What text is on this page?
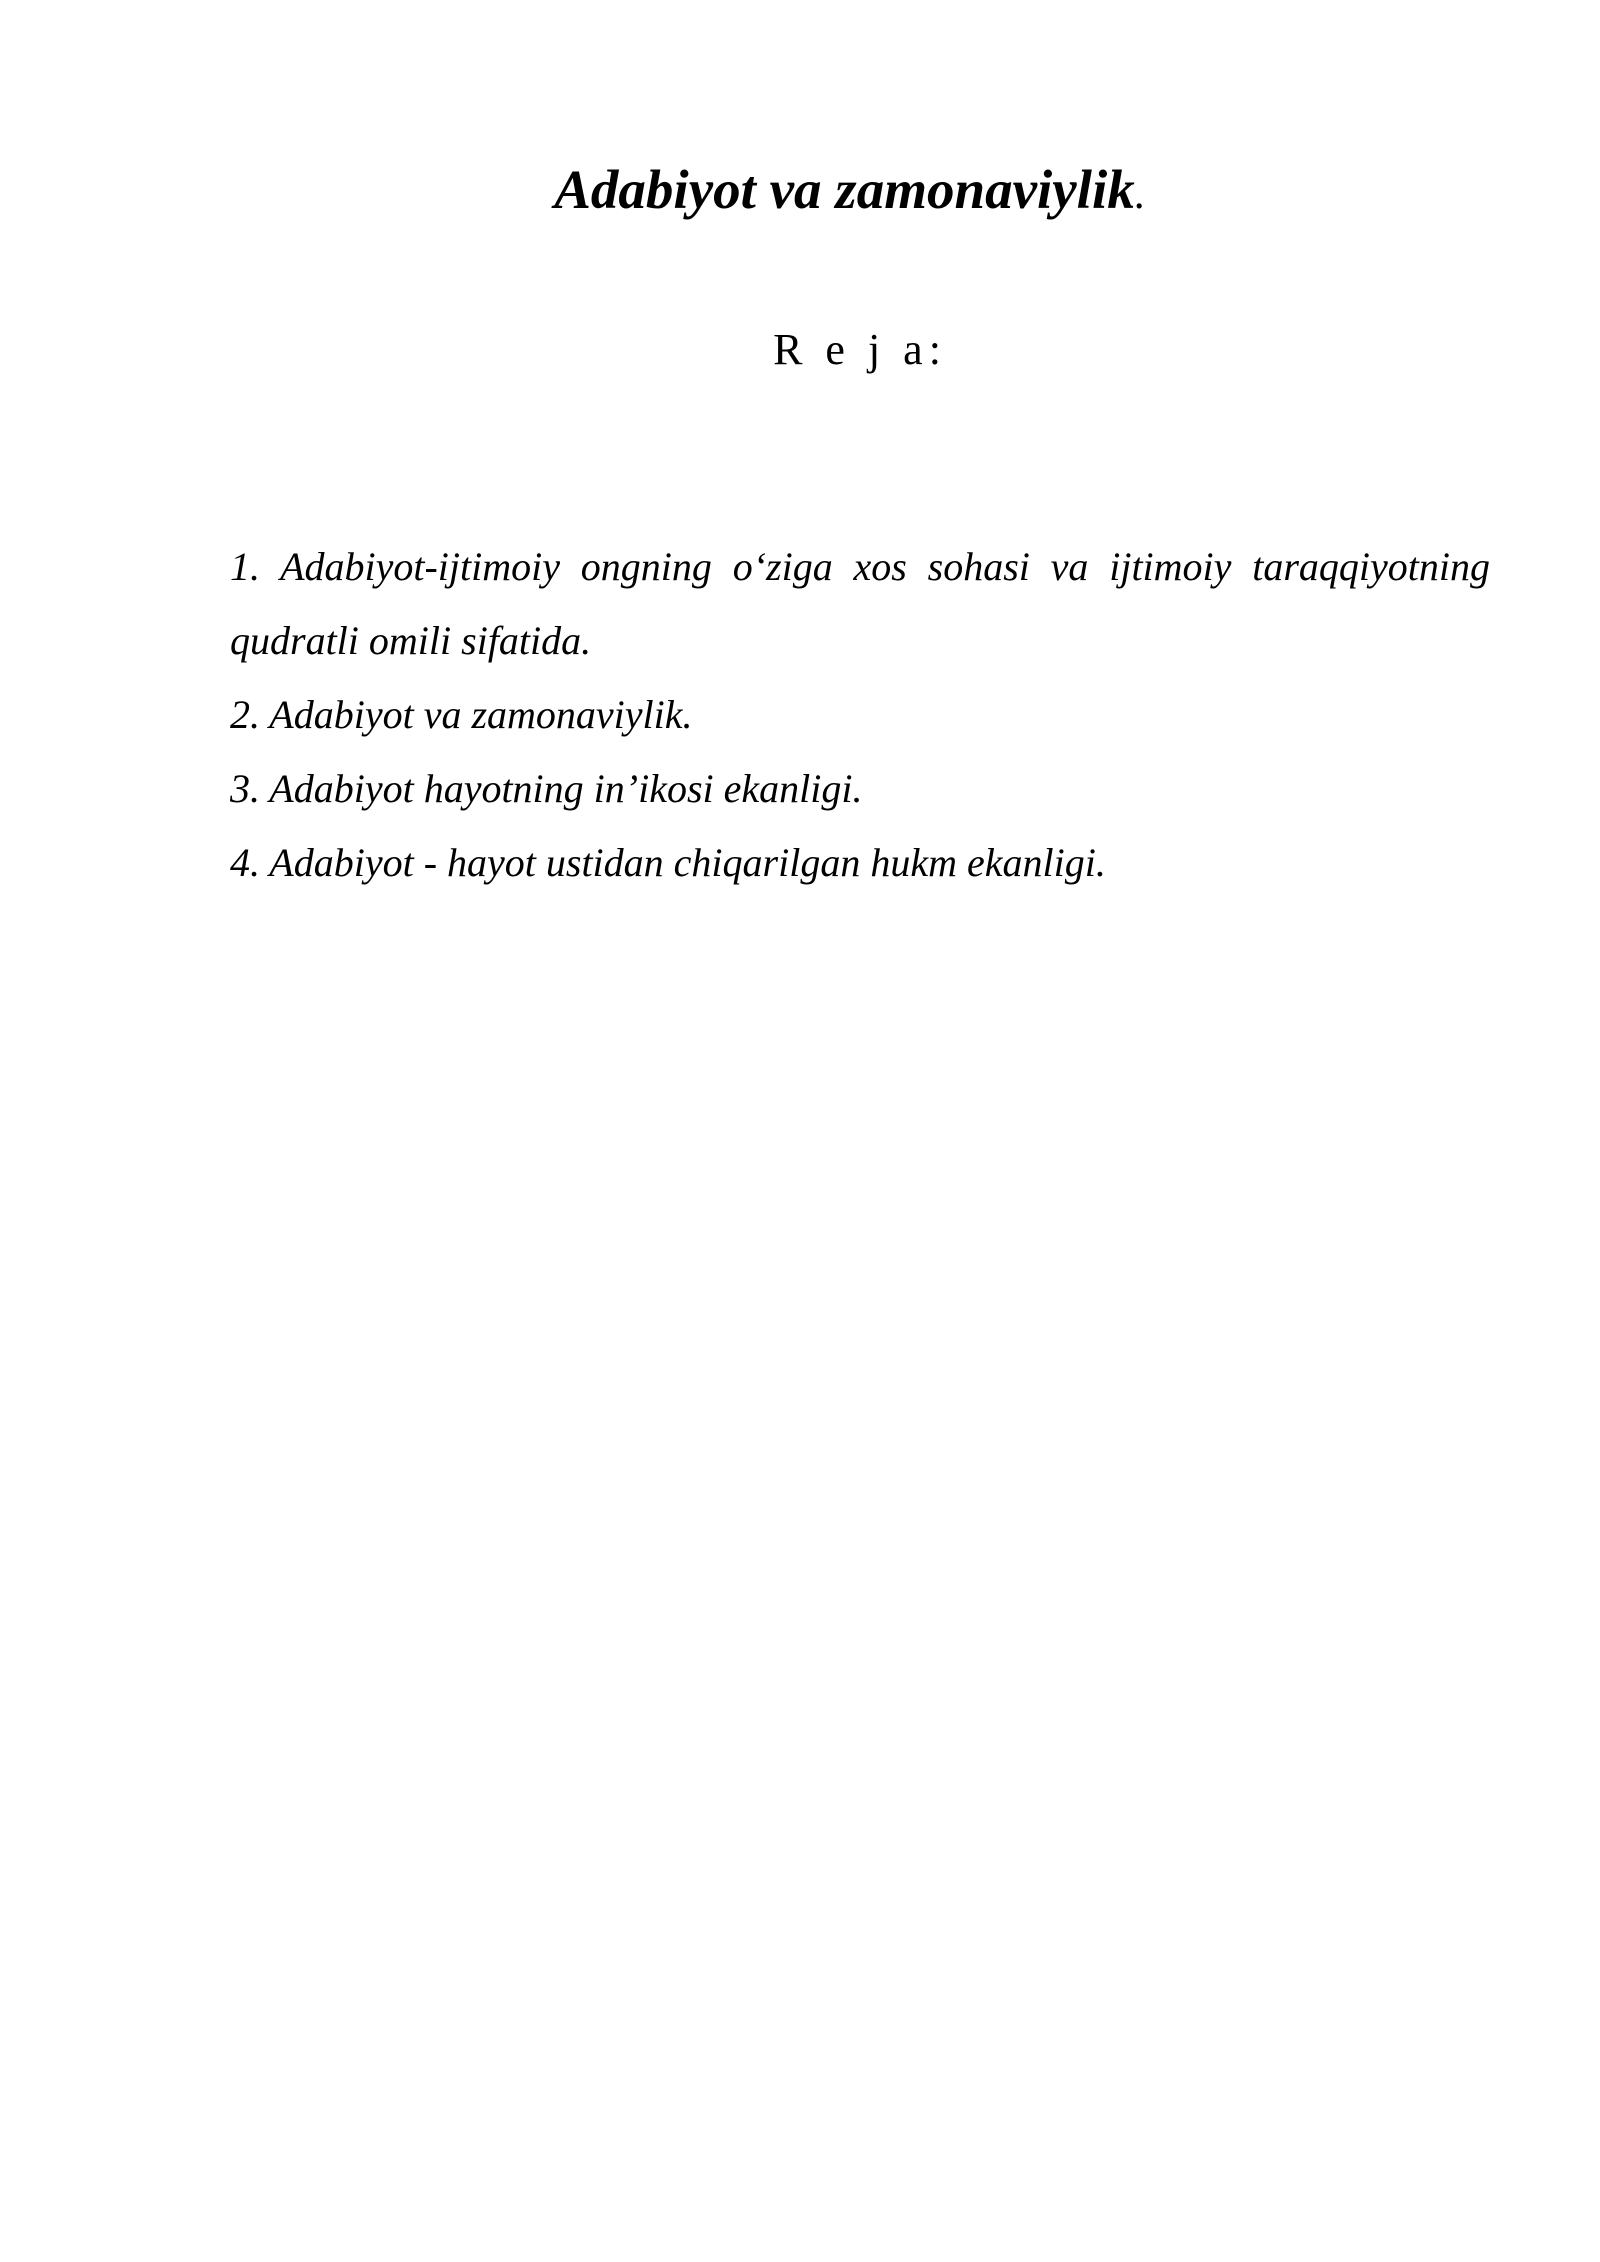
Adabiyot va zamonaviylik.
R e j a:
1. Adabiyot-ijtimoiy ongning o‘ziga xos sohasi va ijtimoiy taraqqiyotning qudratli omili sifatida.
2. Adabiyot va zamonaviylik.
3. Adabiyot hayotning in’ikosi ekanligi.
4. Adabiyot - hayot ustidan chiqarilgan hukm ekanligi.
